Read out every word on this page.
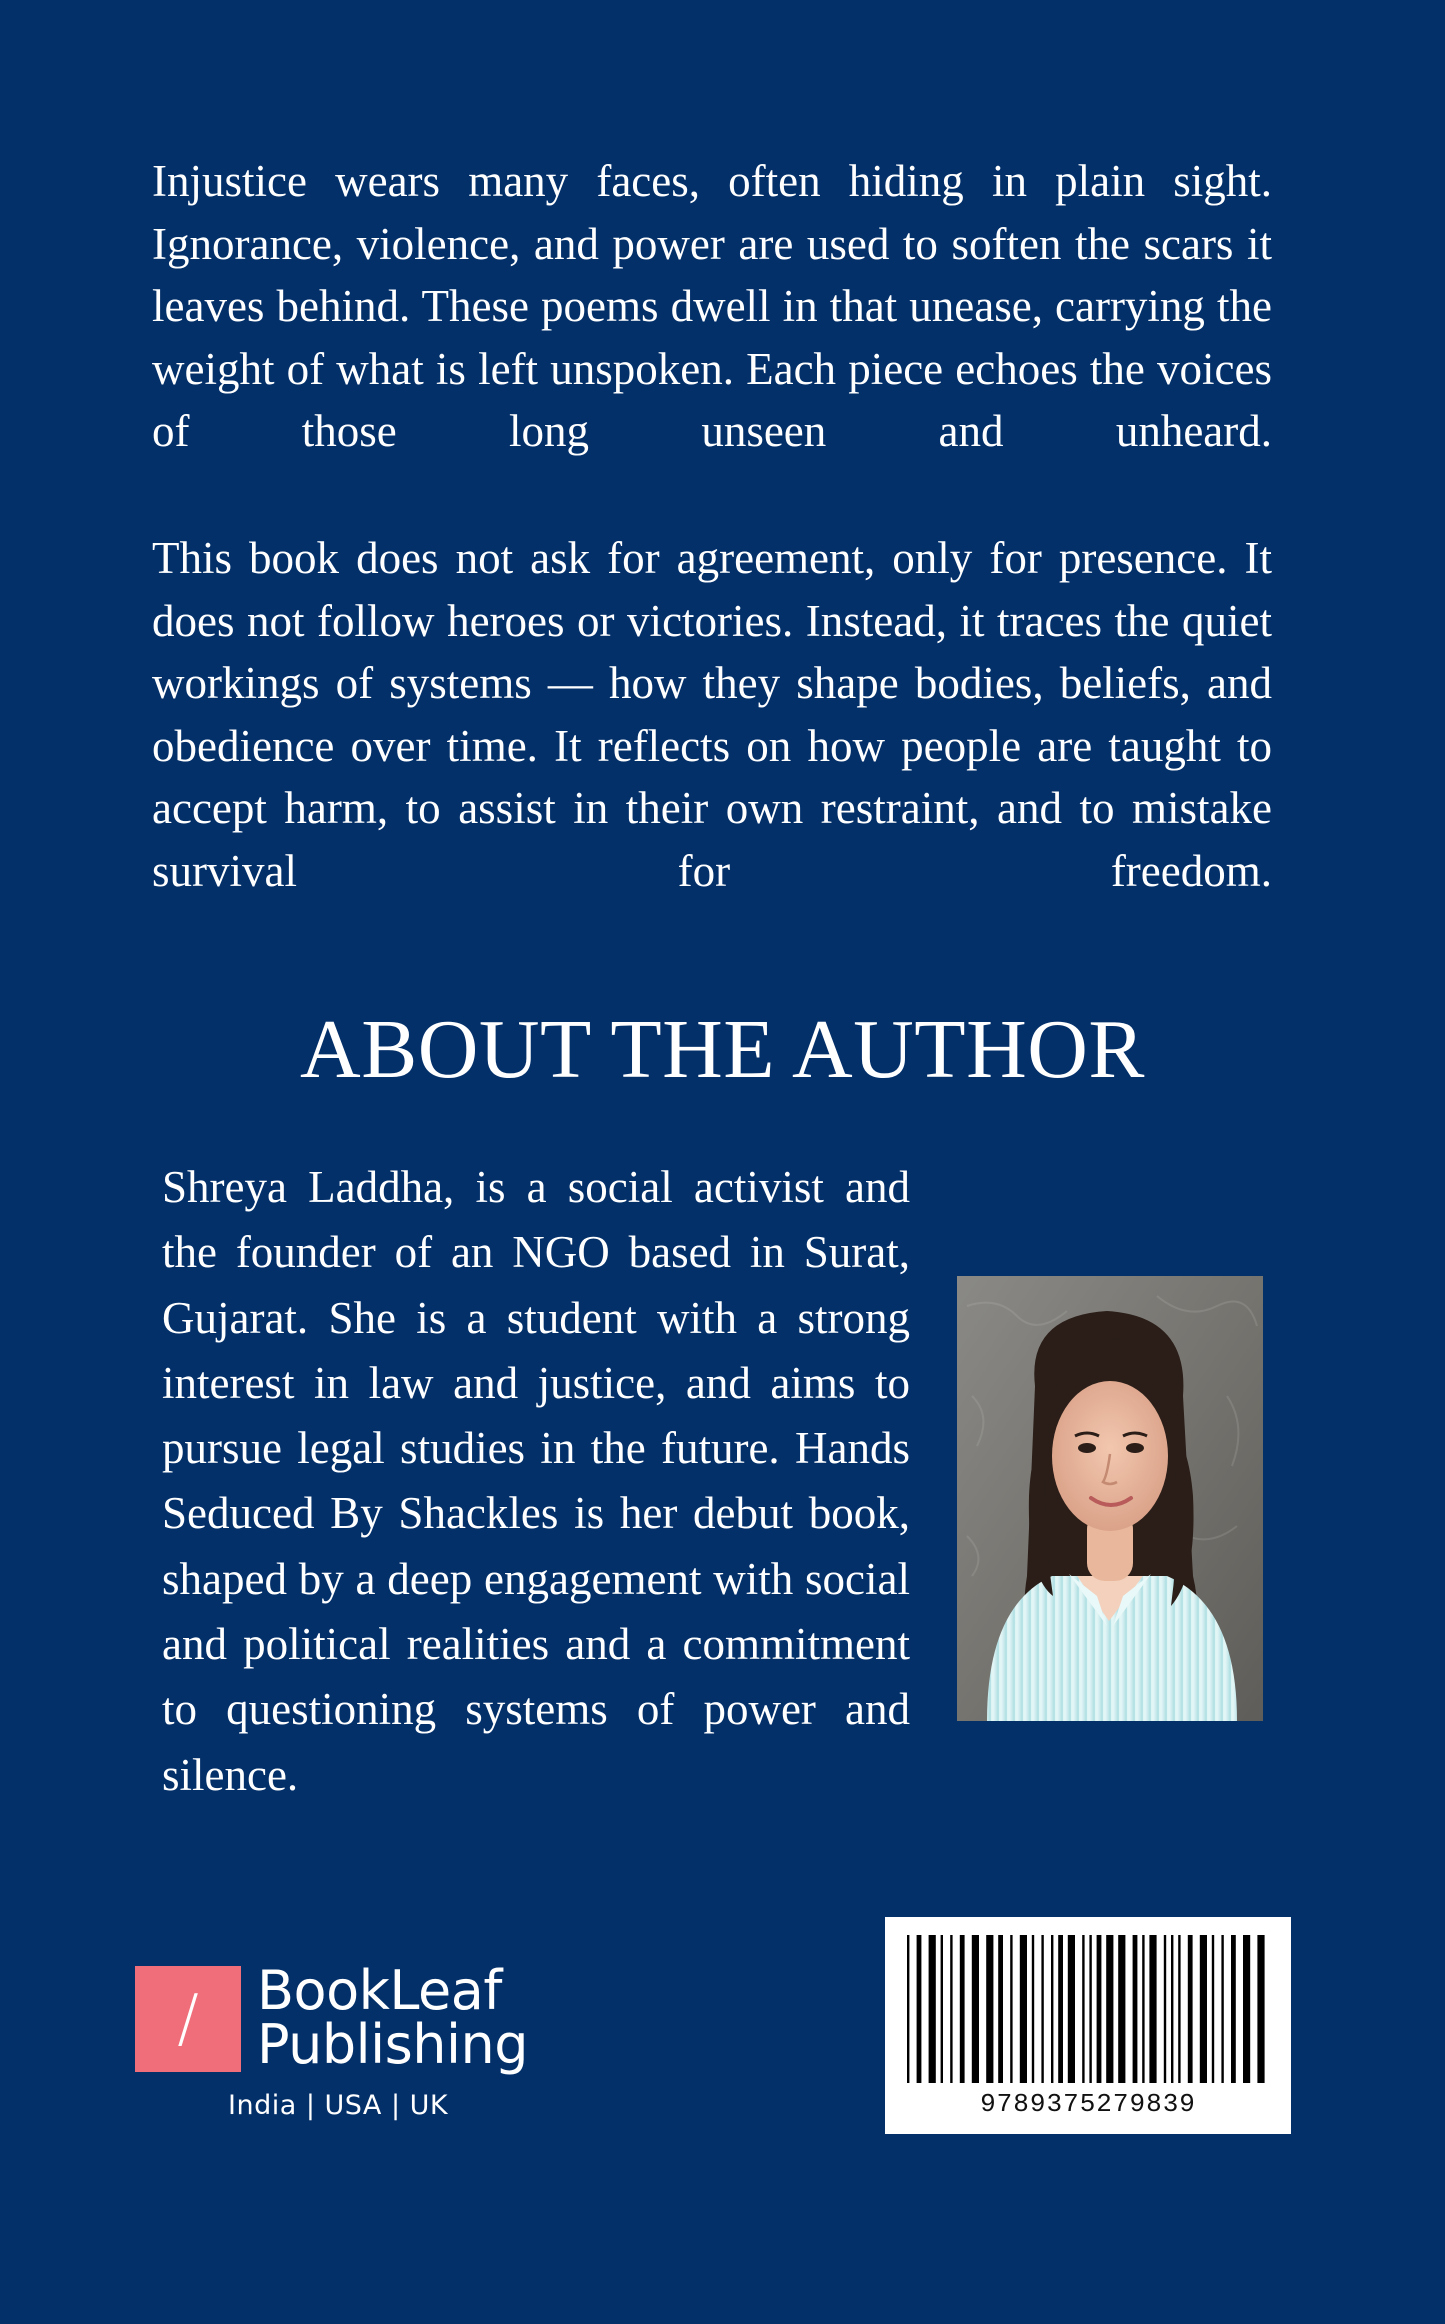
Injustice wears many faces, often hiding in plain sight. Ignorance, violence, and power are used to soften the scars it leaves behind. These poems dwell in that unease, carrying the weight of what is left unspoken. Each piece echoes the voices of those long unseen and unheard.

This book does not ask for agreement, only for presence. It does not follow heroes or victories. Instead, it traces the quiet workings of systems — how they shape bodies, beliefs, and obedience over time. It reflects on how people are taught to accept harm, to assist in their own restraint, and to mistake survival for freedom.

ABOUT THE AUTHOR

Shreya Laddha, is a social activist and the founder of an NGO based in Surat, Gujarat. She is a student with a strong interest in law and justice, and aims to pursue legal studies in the future. Hands Seduced By Shackles is her debut book, shaped by a deep engagement with social and political realities and a commitment to questioning systems of power and silence.

/	BookLeaf
Publishing
India | USA | UK	9789375279839
